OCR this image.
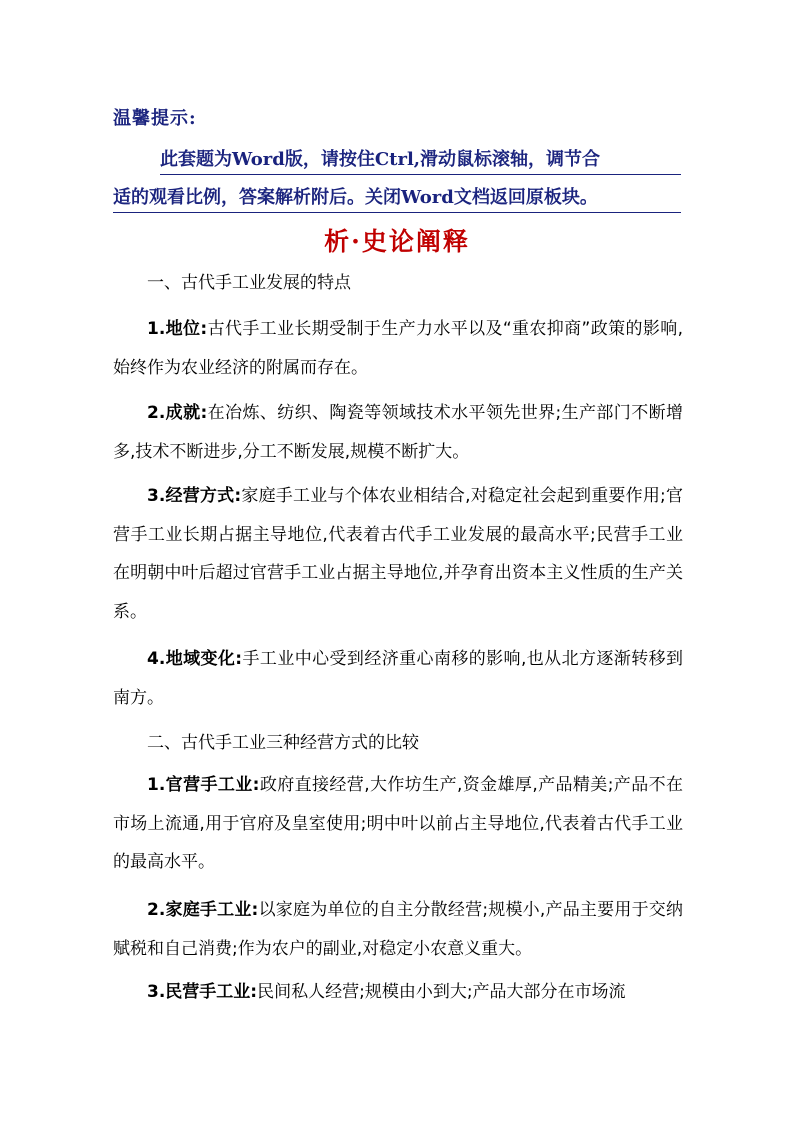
温馨提示:
此套题为Word版，请按住Ctrl,滑动鼠标滚轴，调节合
适的观看比例，答案解析附后。关闭Word文档返回原板块。
析·史论阐释
一、古代手工业发展的特点
1.地位:古代手工业长期受制于生产力水平以及“重农抑商”政策的影响,始终作为农业经济的附属而存在。
2.成就:在冶炼、纺织、陶瓷等领域技术水平领先世界;生产部门不断增多,技术不断进步,分工不断发展,规模不断扩大。
3.经营方式:家庭手工业与个体农业相结合,对稳定社会起到重要作用;官营手工业长期占据主导地位,代表着古代手工业发展的最高水平;民营手工业在明朝中叶后超过官营手工业占据主导地位,并孕育出资本主义性质的生产关系。
4.地域变化:手工业中心受到经济重心南移的影响,也从北方逐渐转移到南方。
二、古代手工业三种经营方式的比较
1.官营手工业:政府直接经营,大作坊生产,资金雄厚,产品精美;产品不在市场上流通,用于官府及皇室使用;明中叶以前占主导地位,代表着古代手工业的最高水平。
2.家庭手工业:以家庭为单位的自主分散经营;规模小,产品主要用于交纳赋税和自己消费;作为农户的副业,对稳定小农意义重大。
3.民营手工业:民间私人经营;规模由小到大;产品大部分在市场流
